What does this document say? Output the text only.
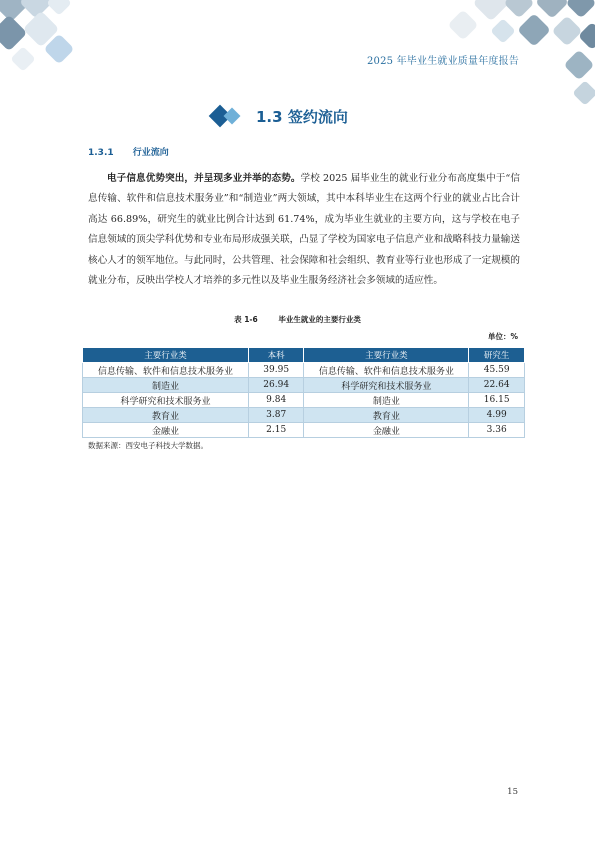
2025 年毕业生就业质量年度报告
1.3 签约流向
1.3.1 行业流向
电子信息优势突出，并呈现多业并举的态势。学校 2025 届毕业生的就业行业分布高度集中于“信息传输、软件和信息技术服务业”和“制造业”两大领域，其中本科毕业生在这两个行业的就业占比合计高达 66.89%，研究生的就业比例合计达到 61.74%，成为毕业生就业的主要方向，这与学校在电子信息领域的顶尖学科优势和专业布局形成强关联，凸显了学校为国家电子信息产业和战略科技力量输送核心人才的领军地位。与此同时，公共管理、社会保障和社会组织、教育业等行业也形成了一定规模的就业分布，反映出学校人才培养的多元性以及毕业生服务经济社会多领域的适应性。
表 1-6	毕业生就业的主要行业类
单位：%
主要行业类	本科	主要行业类	研究生
信息传输、软件和信息技术服务业	39.95	信息传输、软件和信息技术服务业	45.59
制造业	26.94	科学研究和技术服务业	22.64
科学研究和技术服务业	9.84	制造业	16.15
教育业	3.87	教育业	4.99
金融业	2.15	金融业	3.36
数据来源：西安电子科技大学数据。
15
